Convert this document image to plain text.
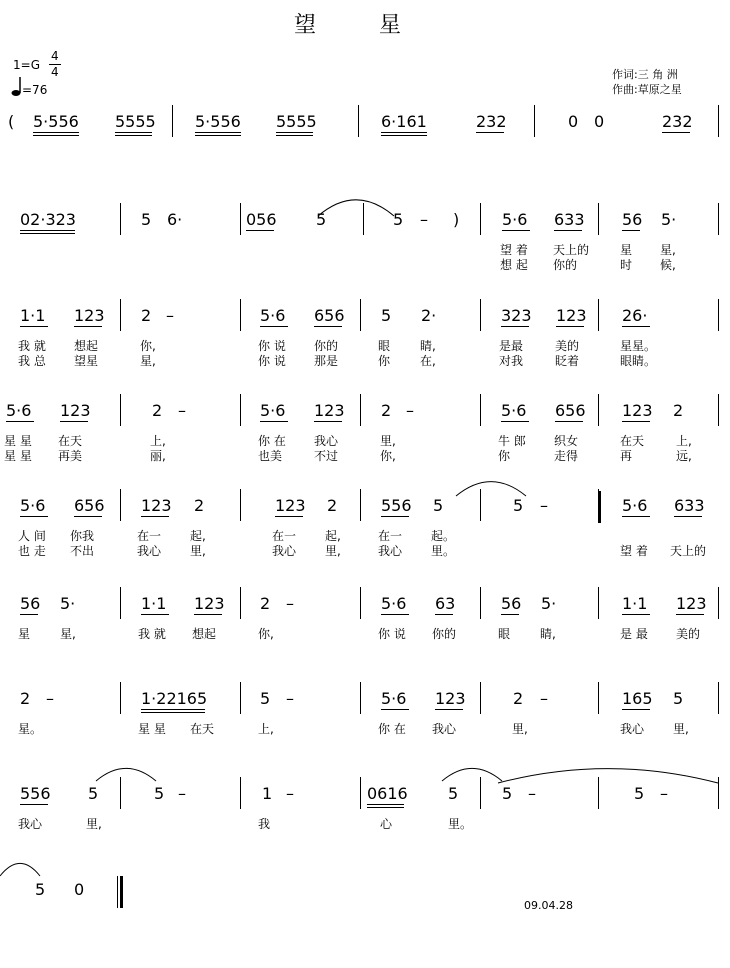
望 星
1=G
4
4
=76
作词:三 角 洲
作曲:草原之星
( 5·556 5555 5·556 5555	6·161	232	0 0	232
02·323	5 6·	056 5	5 – )	5·6 633 56 5·
望 着 天上的	星 星,
想 起 你的	时 候,
1·1 123 2 –	5·6 656 5 2·	323 123 26·
我 就 想起	你,	你 说 你的	眼 睛,	是最	美的	星星。
我 总 望星	星,	你 说 那是	你 在,	对我	眨着	眼睛。
5·6 123	2 –	5·6 123 2 –	5·6 656 123 2
星 星 在天	上,	你 在 我心	里,	牛 郎 织女	在天	上,
星 星 再美	丽,	也美	不过	你,	你	走得	再	远,
5·6 656 123 2	123 2	556 5	5 –	5·6 633
人 间 你我	在一 起,	在一 起,	在一 起。
也 走 不出	我心 里,	我心 里,	我心 里。	望 着 天上的
56 5·	1·1 123 2 –	5·6 63	56 5·	1·1 123
星 星,	我 就 想起	你,	你 说 你的	眼 睛,	是 最 美的
2 –	1·22165	5 –	5·6 123	2 –	165 5
星。	星 星 在天	上,	你 在 我心	里,	我心 里,
556 5	5 –	1 –	0616	5	5 –	5 –
我心	里,	我	心	里。
5 0
09.04.28
